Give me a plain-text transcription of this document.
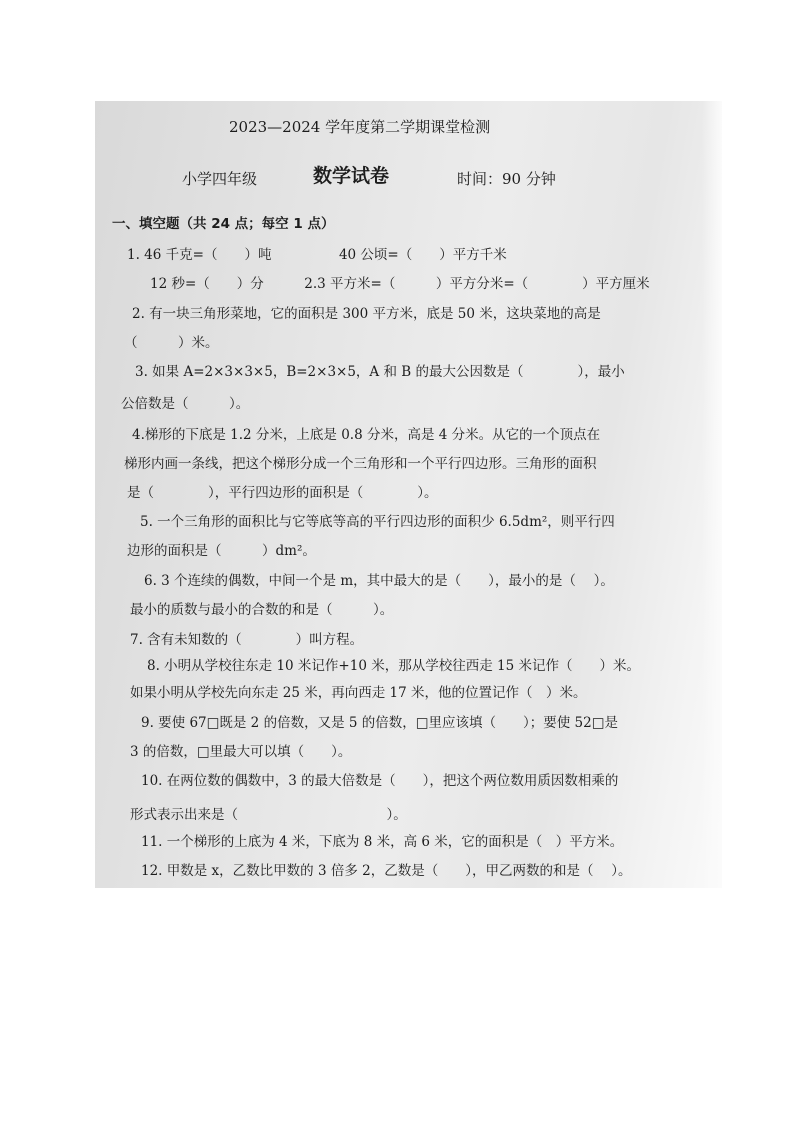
2023—2024 学年度第二学期课堂检测
小学四年级	数学试卷	时间：90 分钟
一、填空题（共 24 点；每空 1 点）
1. 46 千克=（　　）吨　　　　　40 公顷=（　　）平方千米
12 秒=（　　）分　　　2.3 平方米=（　　　）平方分米=（　　　　）平方厘米
2. 有一块三角形菜地，它的面积是 300 平方米，底是 50 米，这块菜地的高是
（　　　）米。
3. 如果 A=2×3×3×5，B=2×3×5，A 和 B 的最大公因数是（　　　　），最小
公倍数是（　　　）。
4.梯形的下底是 1.2 分米，上底是 0.8 分米，高是 4 分米。从它的一个顶点在
梯形内画一条线，把这个梯形分成一个三角形和一个平行四边形。三角形的面积
是（　　　　），平行四边形的面积是（　　　　）。
5. 一个三角形的面积比与它等底等高的平行四边形的面积少 6.5dm²，则平行四
边形的面积是（　　　）dm²。
6. 3 个连续的偶数，中间一个是 m，其中最大的是（　　），最小的是（　 ）。
最小的质数与最小的合数的和是（　　　）。
7. 含有未知数的（　　　　）叫方程。
8. 小明从学校往东走 10 米记作+10 米，那从学校往西走 15 米记作（　　）米。
如果小明从学校先向东走 25 米，再向西走 17 米，他的位置记作（　）米。
9. 要使 67□既是 2 的倍数，又是 5 的倍数，□里应该填（　　）；要使 52□是
3 的倍数，□里最大可以填（　　）。
10. 在两位数的偶数中，3 的最大倍数是（　　），把这个两位数用质因数相乘的
形式表示出来是（　　　　　　　　　　　）。
11. 一个梯形的上底为 4 米，下底为 8 米，高 6 米，它的面积是（　）平方米。
12. 甲数是 x，乙数比甲数的 3 倍多 2，乙数是（　　），甲乙两数的和是（　 ）。
